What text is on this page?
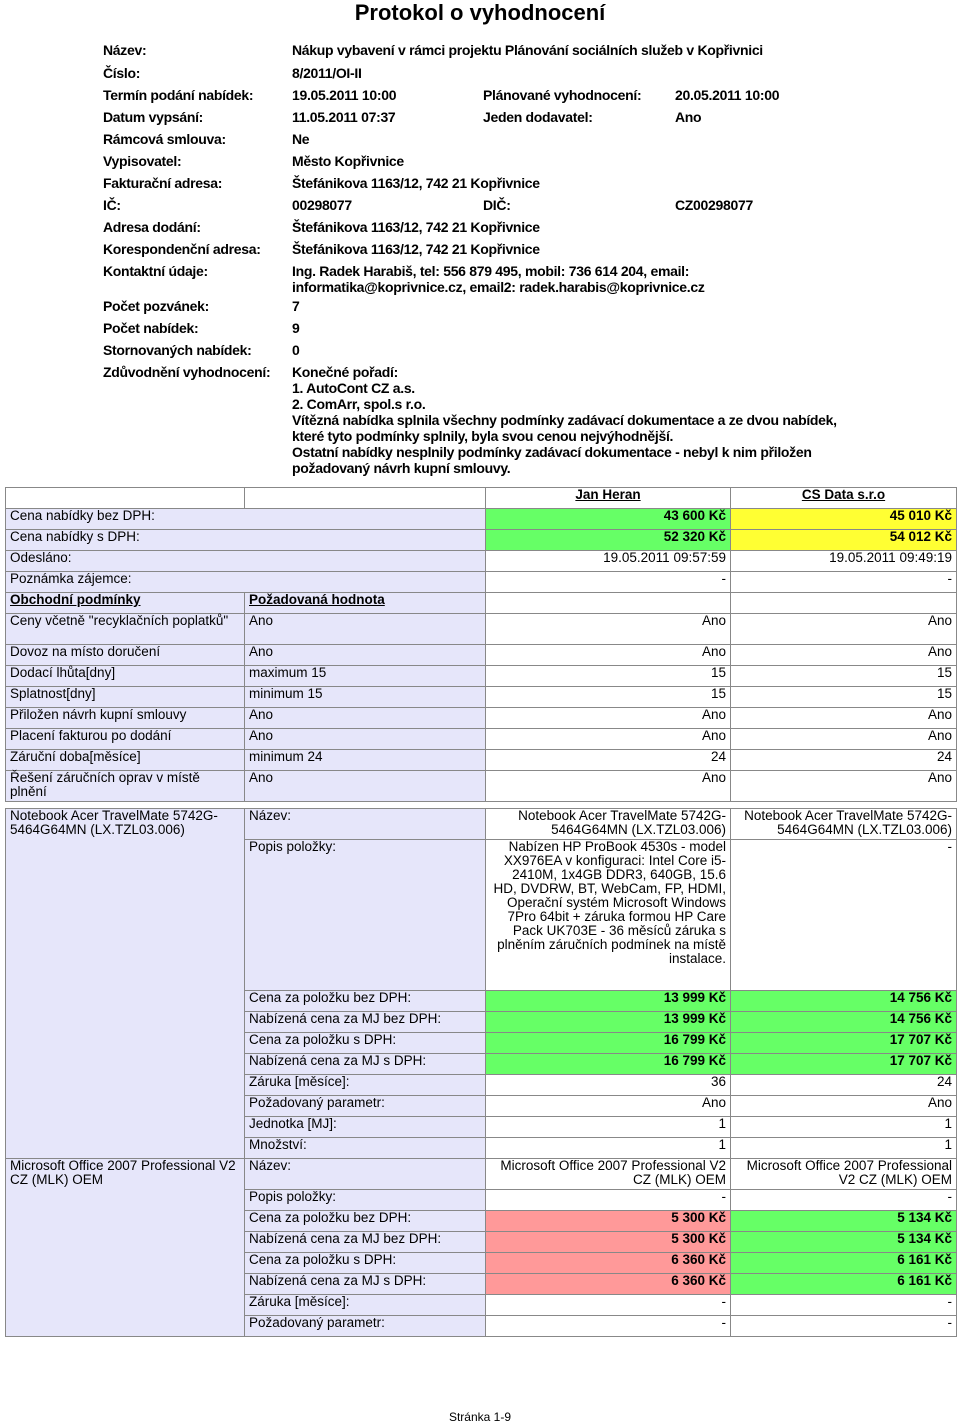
Protokol o vyhodnocení
Název:	Nákup vybavení v rámci projektu Plánování sociálních služeb v Kopřivnici
Číslo:	8/2011/OI-II
Termín podání nabídek:	19.05.2011 10:00	Plánované vyhodnocení: 20.05.2011 10:00
Datum vypsání:	11.05.2011 07:37	Jeden dodavatel:	Ano
Rámcová smlouva:	Ne
Vypisovatel:	Město Kopřivnice
Fakturační adresa:	Štefánikova 1163/12, 742 21 Kopřivnice
IČ:	00298077	DIČ:	CZ00298077
Adresa dodání:	Štefánikova 1163/12, 742 21 Kopřivnice
Korespondenční adresa: Štefánikova 1163/12, 742 21 Kopřivnice
Kontaktní údaje:	Ing. Radek Harabiš, tel: 556 879 495, mobil: 736 614 204, email:
informatika@koprivnice.cz, email2: radek.harabis@koprivnice.cz
Počet pozvánek:	7
Počet nabídek:	9
Stornovaných nabídek:	0
Zdůvodnění vyhodnocení: Konečné pořadí:
1. AutoCont CZ a.s.
2. ComArr, spol.s r.o.
Vítězná nabídka splnila všechny podmínky zadávací dokumentace a ze dvou nabídek,
které tyto podmínky splnily, byla svou cenou nejvýhodnější.
Ostatní nabídky nesplnily podmínky zadávací dokumentace - nebyl k nim přiložen
požadovaný návrh kupní smlouvy.
		Jan Heran	CS Data s.r.o
Cena nabídky bez DPH:		43 600 Kč	45 010 Kč
Cena nabídky s DPH:		52 320 Kč	54 012 Kč
Odesláno:		19.05.2011 09:57:59	19.05.2011 09:49:19
Poznámka zájemce:		-	-
Obchodní podmínky	Požadovaná hodnota		
Ceny včetně "recyklačních poplatků"	Ano	Ano	Ano
Dovoz na místo doručení	Ano	Ano	Ano
Dodací lhůta[dny]	maximum 15	15	15
Splatnost[dny]	minimum 15	15	15
Přiložen návrh kupní smlouvy	Ano	Ano	Ano
Placení fakturou po dodání	Ano	Ano	Ano
Záruční doba[měsíce]	minimum 24	24	24
Řešení záručních oprav v místě plnění	Ano	Ano	Ano

Notebook Acer TravelMate 5742G-5464G64MN (LX.TZL03.006)	Název:	Notebook Acer TravelMate 5742G-5464G64MN (LX.TZL03.006)	Notebook Acer TravelMate 5742G-5464G64MN (LX.TZL03.006)
	Popis položky:	Nabízen HP ProBook 4530s - model XX976EA v konfiguraci: Intel Core i5-2410M, 1x4GB DDR3, 640GB, 15.6 HD, DVDRW, BT, WebCam, FP, HDMI, Operační systém Microsoft Windows 7Pro 64bit + záruka formou HP Care Pack UK703E - 36 měsíců záruka s plněním záručních podmínek na místě instalace.	-
	Cena za položku bez DPH:	13 999 Kč	14 756 Kč
	Nabízená cena za MJ bez DPH:	13 999 Kč	14 756 Kč
	Cena za položku s DPH:	16 799 Kč	17 707 Kč
	Nabízená cena za MJ s DPH:	16 799 Kč	17 707 Kč
	Záruka [měsíce]:	36	24
	Požadovaný parametr:	Ano	Ano
	Jednotka [MJ]:	1	1
	Množství:	1	1
Microsoft Office 2007 Professional V2 CZ (MLK) OEM	Název:	Microsoft Office 2007 Professional V2 CZ (MLK) OEM	Microsoft Office 2007 Professional V2 CZ (MLK) OEM
	Popis položky:	-	-
	Cena za položku bez DPH:	5 300 Kč	5 134 Kč
	Nabízená cena za MJ bez DPH:	5 300 Kč	5 134 Kč
	Cena za položku s DPH:	6 360 Kč	6 161 Kč
	Nabízená cena za MJ s DPH:	6 360 Kč	6 161 Kč
	Záruka [měsíce]:	-	-
	Požadovaný parametr:	-	-
Stránka 1-9
